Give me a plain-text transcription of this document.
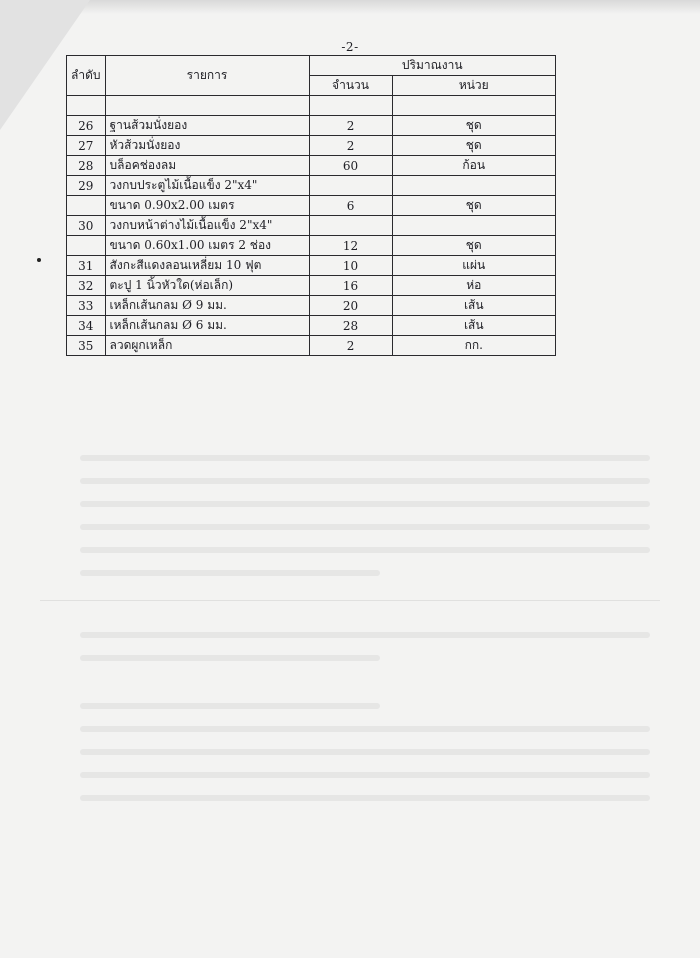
-2-
ลำดับ	รายการ	ปริมาณงาน	
		จำนวน	หน่วย

26	ฐานส้วมนั่งยอง	2	ชุด
27	หัวส้วมนั่งยอง	2	ชุด
28	บล็อคช่องลม	60	ก้อน
29	วงกบประตูไม้เนื้อแข็ง 2"x4"		
	ขนาด 0.90x2.00 เมตร	6	ชุด
30	วงกบหน้าต่างไม้เนื้อแข็ง 2"x4"		
	ขนาด 0.60x1.00 เมตร 2 ช่อง	12	ชุด
31	สังกะสีแดงลอนเหลี่ยม 10 ฟุต	10	แผ่น
32	ตะปู 1 นิ้วหัวใด(ห่อเล็ก)	16	ห่อ
33	เหล็กเส้นกลม Ø 9 มม.	20	เส้น
34	เหล็กเส้นกลม Ø 6 มม.	28	เส้น
35	ลวดผูกเหล็ก	2	กก.
